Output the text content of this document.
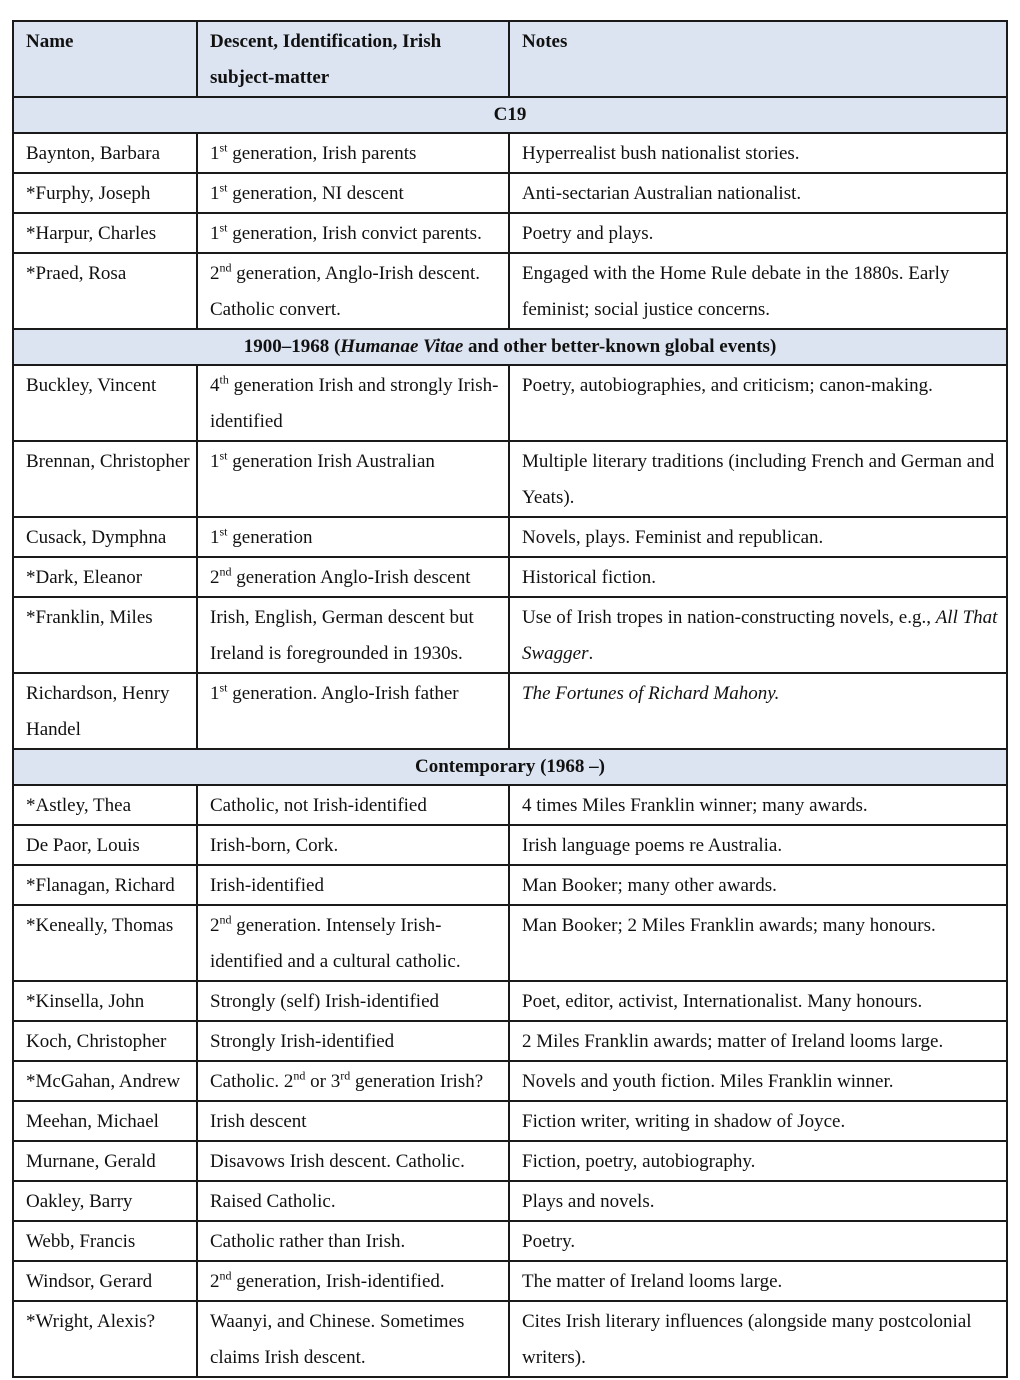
Name	Descent, Identification, Irish subject-matter	Notes
C19		
Baynton, Barbara	1st generation, Irish parents	Hyperrealist bush nationalist stories.
*Furphy, Joseph	1st generation, NI descent	Anti-sectarian Australian nationalist.
*Harpur, Charles	1st generation, Irish convict parents.	Poetry and plays.
*Praed, Rosa	2nd generation, Anglo-Irish descent. Catholic convert.	Engaged with the Home Rule debate in the 1880s. Early feminist; social justice concerns.
1900–1968 (Humanae Vitae and other better-known global events)		
Buckley, Vincent	4th generation Irish and strongly Irish-identified	Poetry, autobiographies, and criticism; canon-making.
Brennan, Christopher	1st generation Irish Australian	Multiple literary traditions (including French and German and Yeats).
Cusack, Dymphna	1st generation	Novels, plays. Feminist and republican.
*Dark, Eleanor	2nd generation Anglo-Irish descent	Historical fiction.
*Franklin, Miles	Irish, English, German descent but Ireland is foregrounded in 1930s.	Use of Irish tropes in nation-constructing novels, e.g., All That Swagger.
Richardson, Henry Handel	1st generation. Anglo-Irish father	The Fortunes of Richard Mahony.
Contemporary (1968 –)		
*Astley, Thea	Catholic, not Irish-identified	4 times Miles Franklin winner; many awards.
De Paor, Louis	Irish-born, Cork.	Irish language poems re Australia.
*Flanagan, Richard	Irish-identified	Man Booker; many other awards.
*Keneally, Thomas	2nd generation. Intensely Irish-identified and a cultural catholic.	Man Booker; 2 Miles Franklin awards; many honours.
*Kinsella, John	Strongly (self) Irish-identified	Poet, editor, activist, Internationalist. Many honours.
Koch, Christopher	Strongly Irish-identified	2 Miles Franklin awards; matter of Ireland looms large.
*McGahan, Andrew	Catholic. 2nd or 3rd generation Irish?	Novels and youth fiction. Miles Franklin winner.
Meehan, Michael	Irish descent	Fiction writer, writing in shadow of Joyce.
Murnane, Gerald	Disavows Irish descent. Catholic.	Fiction, poetry, autobiography.
Oakley, Barry	Raised Catholic.	Plays and novels.
Webb, Francis	Catholic rather than Irish.	Poetry.
Windsor, Gerard	2nd generation, Irish-identified.	The matter of Ireland looms large.
*Wright, Alexis?	Waanyi, and Chinese. Sometimes claims Irish descent.	Cites Irish literary influences (alongside many postcolonial writers).
